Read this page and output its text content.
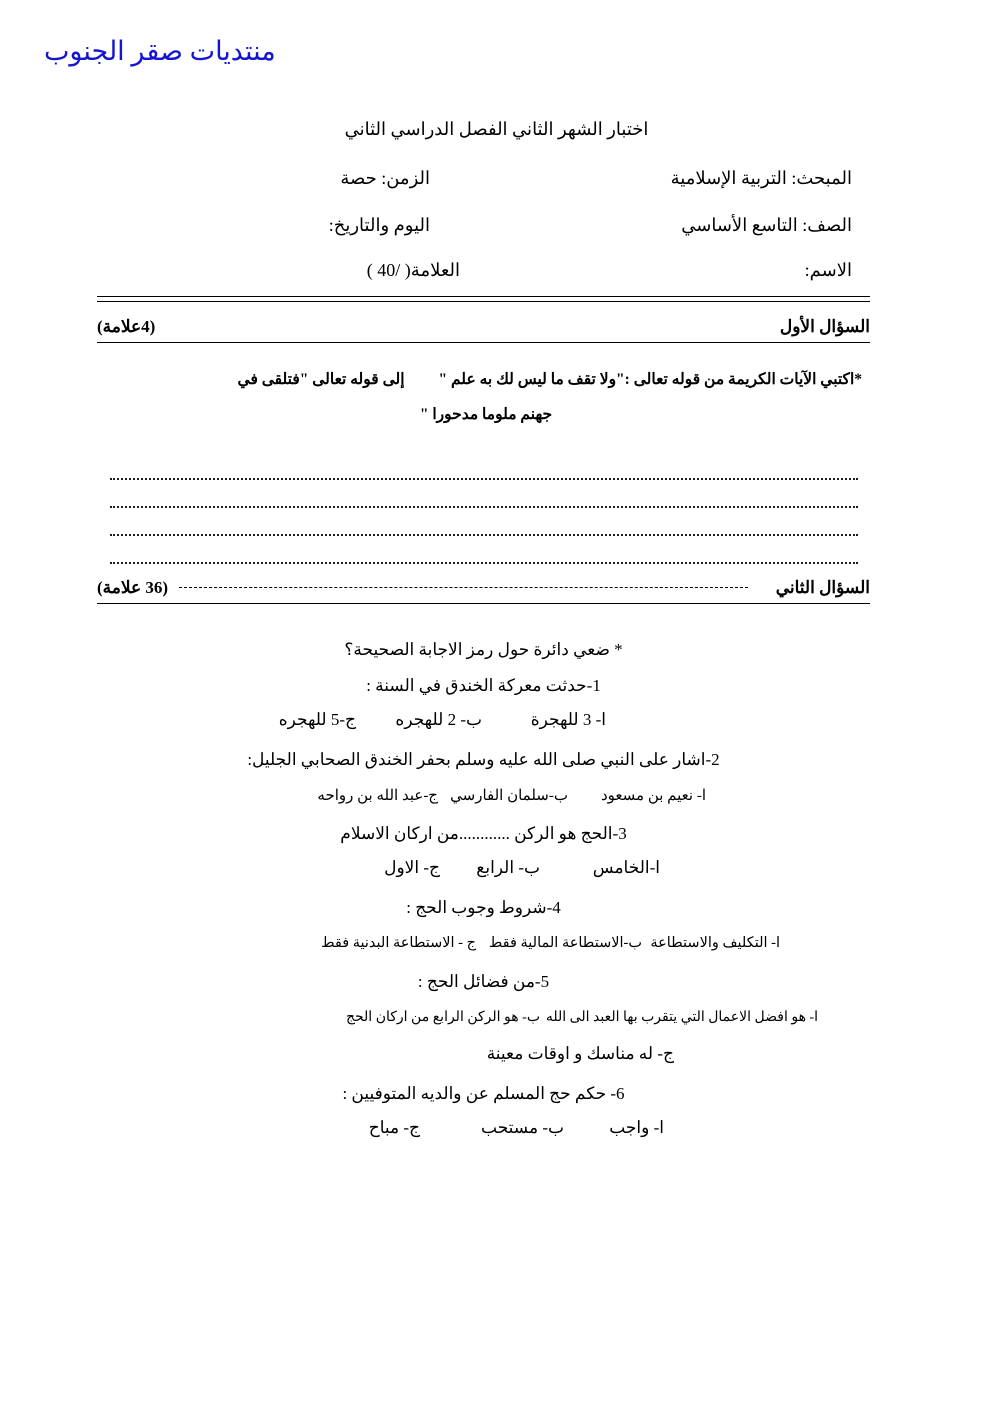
منتديات صقر الجنوب
اختبار الشهر الثاني الفصل الدراسي الثاني
المبحث: التربية الإسلامية
الزمن: حصة
الصف: التاسع الأساسي
اليوم والتاريخ:
الاسم:
العلامة( /40 )
السؤال الأول
(4علامة)
*اكتبي الآيات الكريمة من قوله تعالى :"ولا تقف ما ليس لك به علم "إلى قوله تعالى "فتلقى في
جهنم ملوما مدحورا "
السؤال الثاني
(36 علامة)
* ضعي دائرة حول رمز الاجابة الصحيحة؟
1-حدثت معركة الخندق في السنة :
ا- 3 للهجرة
ب- 2 للهجره
ج-5 للهجره
2-اشار على النبي صلى الله عليه وسلم بحفر الخندق الصحابي الجليل:
ا- نعيم بن مسعود
ب-سلمان الفارسي
ج-عبد الله بن رواحه
3-الحج هو الركن ............من اركان الاسلام
ا-الخامس
ب- الرابع
ج- الاول
4-شروط وجوب الحج :
ا- التكليف والاستطاعة
ب-الاستطاعة المالية فقط
ج - الاستطاعة البدنية فقط
5-من فضائل الحج :
ا- هو افضل الاعمال التي يتقرب بها العبد الى الله
ب- هو الركن الرابع من اركان الحج
ج- له مناسك و اوقات معينة
6- حكم حج المسلم عن والديه المتوفيين :
ا- واجب
ب- مستحب
ج- مباح
